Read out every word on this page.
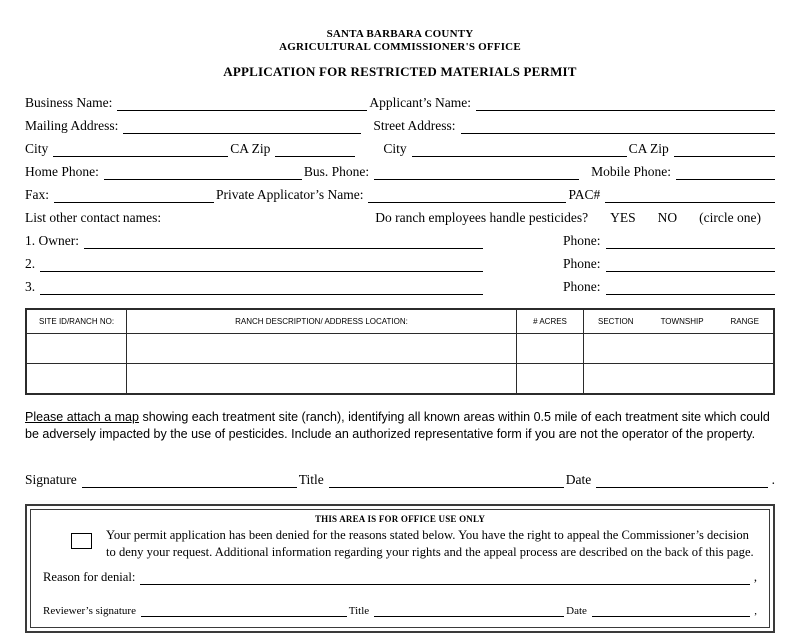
SANTA BARBARA COUNTY
AGRICULTURAL COMMISSIONER'S OFFICE
APPLICATION FOR RESTRICTED MATERIALS PERMIT
Business Name:	Applicant’s Name:
Mailing Address:	Street Address:
City	CA Zip	City	CA Zip
Home Phone:	Bus. Phone:	Mobile Phone:
Fax:	Private Applicator’s Name:	PAC#
List other contact names:	Do ranch employees handle pesticides? YES NO (circle one)
1. Owner:	Phone:
2.	Phone:
3.	Phone:
SITE ID/RANCH NO:	RANCH DESCRIPTION/ ADDRESS LOCATION:	# ACRES	SECTION TOWNSHIP RANGE

Please attach a map showing each treatment site (ranch), identifying all known areas within 0.5 mile of each treatment site which could be adversely impacted by the use of pesticides. Include an authorized representative form if you are not the operator of the property.

Signature	Title	Date	.
THIS AREA IS FOR OFFICE USE ONLY
Your permit application has been denied for the reasons stated below. You have the right to appeal the Commissioner’s decision to deny your request. Additional information regarding your rights and the appeal process are described on the back of this page.
Reason for denial:	,
Reviewer’s signature	Title	Date	,
